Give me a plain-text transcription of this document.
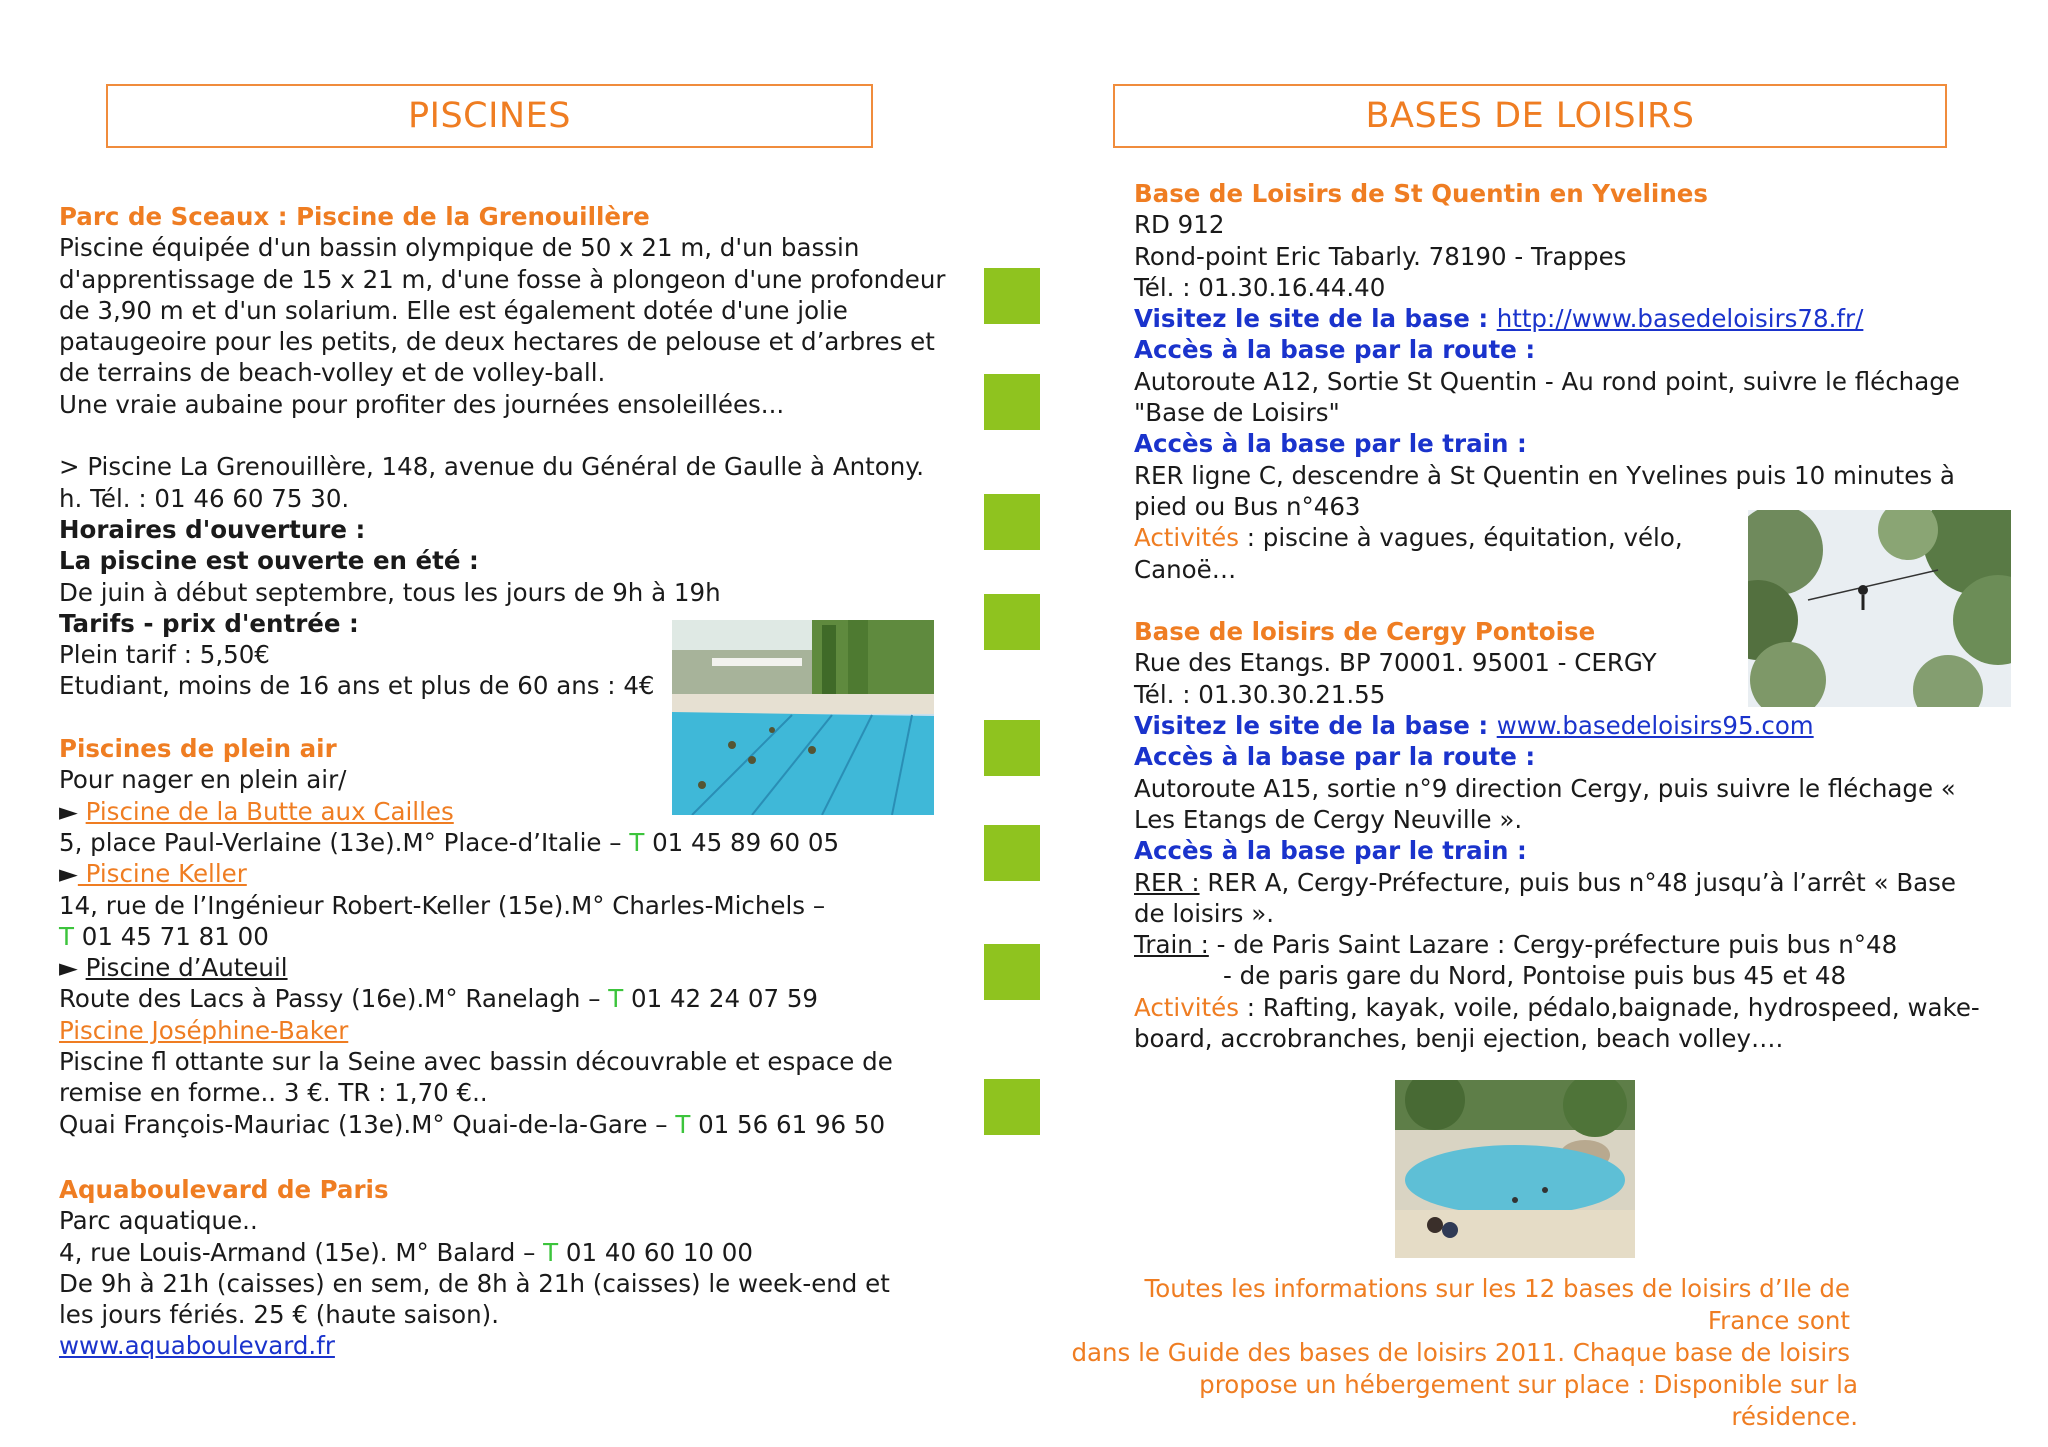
PISCINES	BASES DE LOISIRS

Parc de Sceaux : Piscine de la Grenouillère

Piscine équipée d'un bassin olympique de 50 x 21 m, d'un bassin

d'apprentissage de 15 x 21 m, d'une fosse à plongeon d'une profondeur

de 3,90 m et d'un solarium. Elle est également dotée d'une jolie

pataugeoire pour les petits, de deux hectares de pelouse et d’arbres et

de terrains de beach-volley et de volley-ball.

Une vraie aubaine pour profiter des journées ensoleillées...

> Piscine La Grenouillère, 148, avenue du Général de Gaulle à Antony.

h. Tél. : 01 46 60 75 30.

Horaires d'ouverture :

La piscine est ouverte en été :

De juin à début septembre, tous les jours de 9h à 19h

Tarifs - prix d'entrée :

Plein tarif : 5,50€

Etudiant, moins de 16 ans et plus de 60 ans : 4€

Piscines de plein air

Pour nager en plein air/

► Piscine de la Butte aux Cailles

5, place Paul-Verlaine (13e).M° Place-d’Italie – T 01 45 89 60 05

► Piscine Keller

14, rue de l’Ingénieur Robert-Keller (15e).M° Charles-Michels –

T 01 45 71 81 00

► Piscine d’Auteuil

Route des Lacs à Passy (16e).M° Ranelagh – T 01 42 24 07 59

Piscine Joséphine-Baker

Piscine fl ottante sur la Seine avec bassin découvrable et espace de

remise en forme.. 3 €. TR : 1,70 €..

Quai François-Mauriac (13e).M° Quai-de-la-Gare – T 01 56 61 96 50

Aquaboulevard de Paris

Parc aquatique..

4, rue Louis-Armand (15e). M° Balard – T 01 40 60 10 00

De 9h à 21h (caisses) en sem, de 8h à 21h (caisses) le week-end et

les jours fériés. 25 € (haute saison).

www.aquaboulevard.fr

Base de Loisirs de St Quentin en Yvelines

RD 912

Rond-point Eric Tabarly. 78190 - Trappes

Tél. : 01.30.16.44.40

Visitez le site de la base : http://www.basedeloisirs78.fr/

Accès à la base par la route :

Autoroute A12, Sortie St Quentin - Au rond point, suivre le fléchage

"Base de Loisirs"

Accès à la base par le train :

RER ligne C, descendre à St Quentin en Yvelines puis 10 minutes à

pied ou Bus n°463

Activités : piscine à vagues, équitation, vélo,

Canoë…

Base de loisirs de Cergy Pontoise

Rue des Etangs. BP 70001. 95001 - CERGY

Tél. : 01.30.30.21.55

Visitez le site de la base : www.basedeloisirs95.com

Accès à la base par la route :

Autoroute A15, sortie n°9 direction Cergy, puis suivre le fléchage «

Les Etangs de Cergy Neuville ».

Accès à la base par le train :

RER : RER A, Cergy-Préfecture, puis bus n°48 jusqu’à l’arrêt « Base

de loisirs ».

Train : - de Paris Saint Lazare : Cergy-préfecture puis bus n°48

- de paris gare du Nord, Pontoise puis bus 45 et 48

Activités : Rafting, kayak, voile, pédalo,baignade, hydrospeed, wake-

board, accrobranches, benji ejection, beach volley….

Toutes les informations sur les 12 bases de loisirs d’Ile de France sont

dans le Guide des bases de loisirs 2011. Chaque base de loisirs

propose un hébergement sur place : Disponible sur la résidence.
